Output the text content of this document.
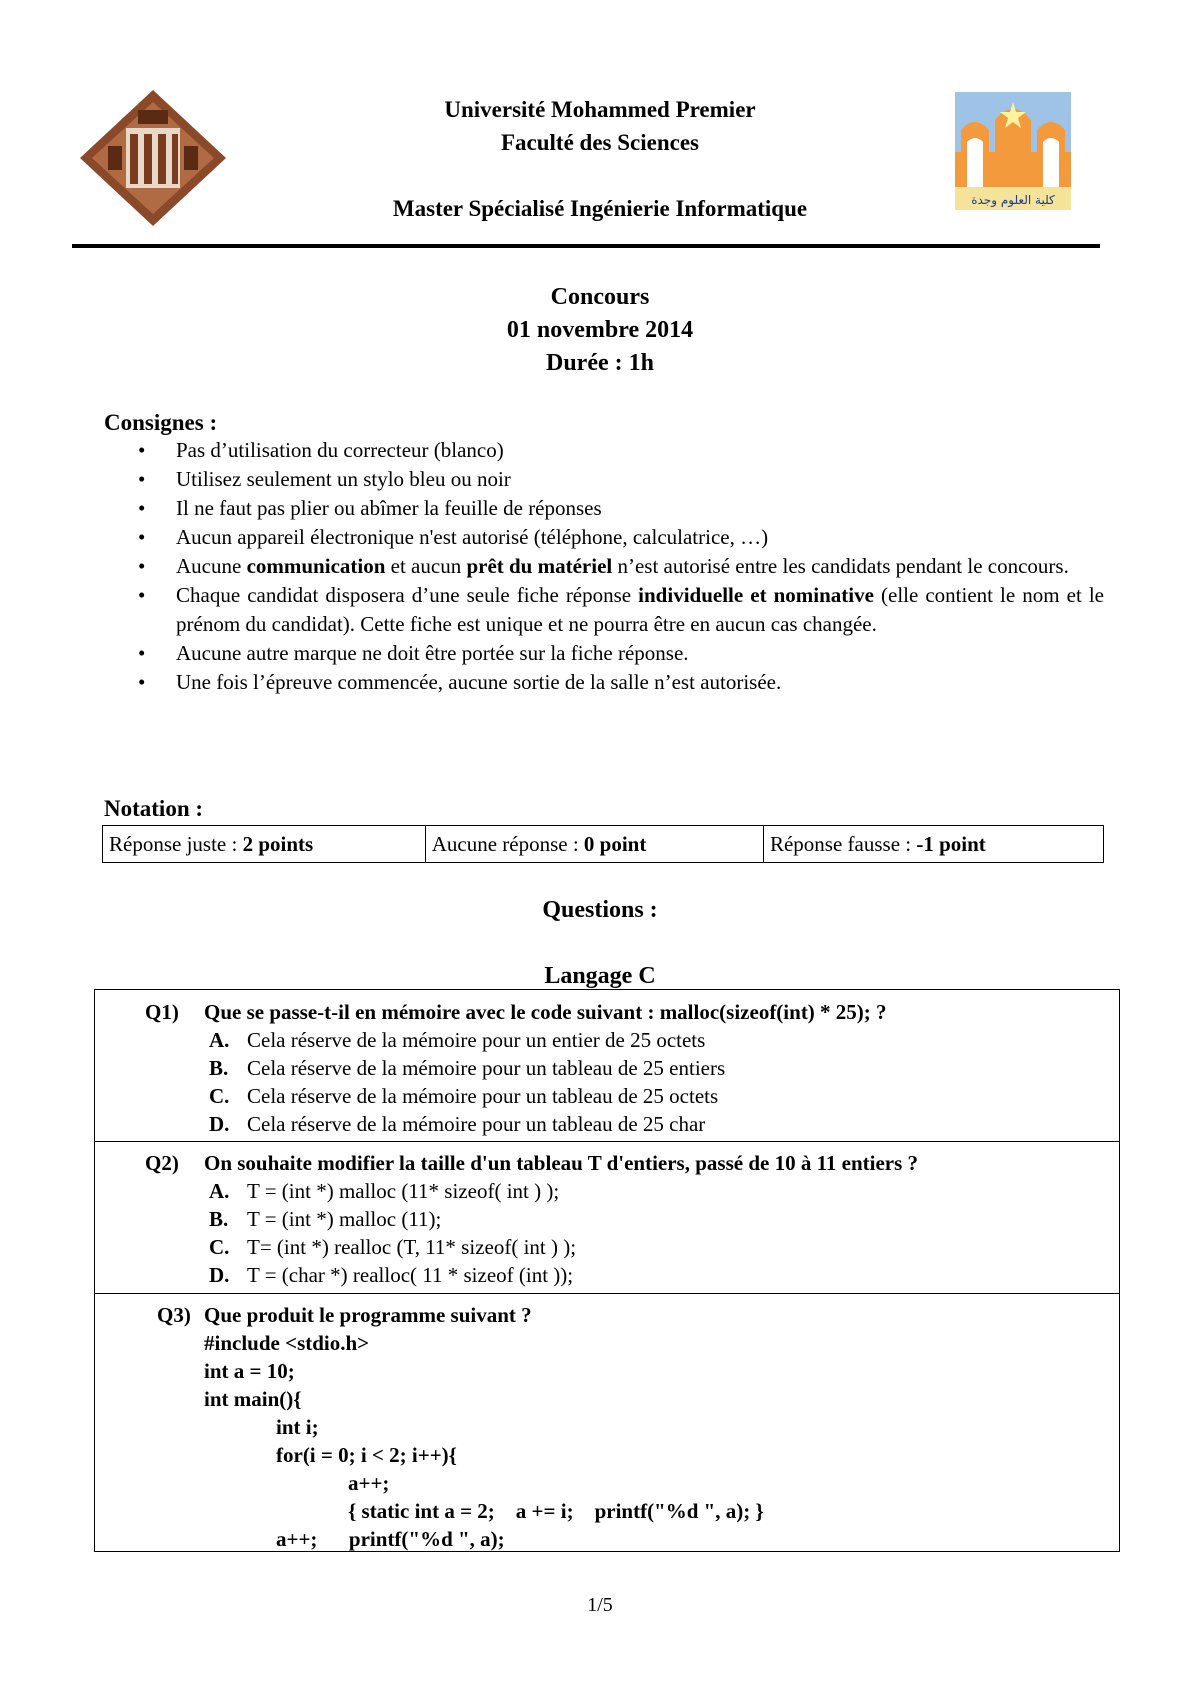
كلية العلوم وجدة
Université Mohammed Premier
Faculté des Sciences
Master Spécialisé Ingénierie Informatique
Concours
01 novembre 2014
Durée : 1h
Consignes :
• Pas d’utilisation du correcteur (blanco)
• Utilisez seulement un stylo bleu ou noir
• Il ne faut pas plier ou abîmer la feuille de réponses
• Aucun appareil électronique n'est autorisé (téléphone, calculatrice, …)
• Aucune communication et aucun prêt du matériel n’est autorisé entre les candidats pendant le concours.
• Chaque candidat disposera d’une seule fiche réponse individuelle et nominative (elle contient le nom et le prénom du candidat). Cette fiche est unique et ne pourra être en aucun cas changée.
• Aucune autre marque ne doit être portée sur la fiche réponse.
• Une fois l’épreuve commencée, aucune sortie de la salle n’est autorisée.
Notation :
Réponse juste : 2 points	Aucune réponse : 0 point	Réponse fausse : -1 point
Questions :
Langage C
Q1) Que se passe-t-il en mémoire avec le code suivant : malloc(sizeof(int) * 25); ?
A. Cela réserve de la mémoire pour un entier de 25 octets
B. Cela réserve de la mémoire pour un tableau de 25 entiers
C. Cela réserve de la mémoire pour un tableau de 25 octets
D. Cela réserve de la mémoire pour un tableau de 25 char
Q2) On souhaite modifier la taille d'un tableau T d'entiers, passé de 10 à 11 entiers ?
A. T = (int *) malloc (11* sizeof( int ) );
B. T = (int *) malloc (11);
C. T= (int *) realloc (T, 11* sizeof( int ) );
D. T = (char *) realloc( 11 * sizeof (int ));
Q3) Que produit le programme suivant ?
#include <stdio.h>
int a = 10;
int main(){
int i;
for(i = 0; i < 2; i++){
a++;
{ static int a = 2;    a += i;    printf("%d ", a); }
a++;      printf("%d ", a);
1/5
